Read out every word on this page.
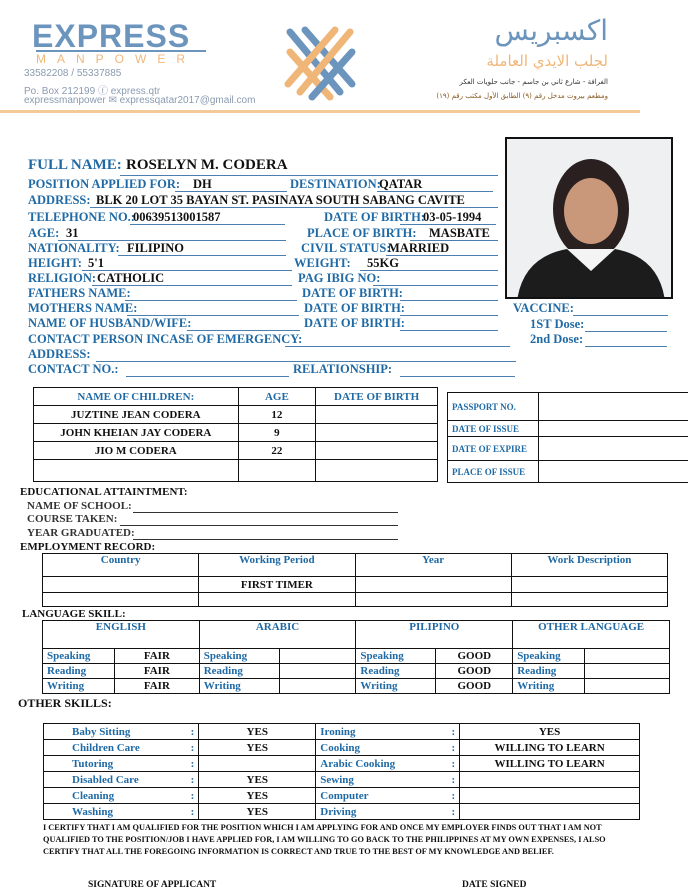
EXPRESS
MANPOWER
33582208 / 55337885
Po. Box 212199 ⓕ express.qtr
expressmanpower ✉ expressqatar2017@gmail.com
اكسبريس
لجلب الايدي العاملة
الغرافة - شارع ثاني بن جاسم - جانب حلويات العكر
ومطعم بيروت مدخل رقم (٩) الطابق الأول مكتب رقم (١٩)
FULL NAME: ROSELYN M. CODERA
POSITION APPLIED FOR: DH	DESTINATION:
QATAR
ADDRESS: BLK 20 LOT 35 BAYAN ST. PASINAYA SOUTH SABANG CAVITE
TELEPHONE NO.:
00639513001587	DATE OF BIRTH:
03-05-1994
AGE: 31	PLACE OF BIRTH: MASBATE
NATIONALITY: FILIPINO	CIVIL STATUS:
MARRIED
HEIGHT: 5'1	WEIGHT: 55KG
RELIGION: CATHOLIC	PAG IBIG NO:
FATHERS NAME:	DATE OF BIRTH:
MOTHERS NAME:	DATE OF BIRTH:
NAME OF HUSBAND/WIFE:	DATE OF BIRTH:
CONTACT PERSON INCASE OF EMERGENCY:
ADDRESS:
CONTACT NO.:	RELATIONSHIP:
VACCINE:
1ST Dose:
2nd Dose:
EDUCATIONAL ATTAINTMENT:
NAME OF SCHOOL:
COURSE TAKEN:
YEAR GRADUATED:
EMPLOYMENT RECORD:
LANGUAGE SKILL:
OTHER SKILLS:
I CERTIFY THAT I AM QUALIFIED FOR THE POSITION WHICH I AM APPLYING FOR AND ONCE MY EMPLOYER FINDS OUT THAT I AM NOT QUALIFIED TO THE POSITION/JOB I HAVE APPLIED FOR, I AM WILLING TO GO BACK TO THE PHILIPPINES AT MY OWN EXPENSES, I ALSO CERTIFY THAT ALL THE FOREGOING INFORMATION IS CORRECT AND TRUE TO THE BEST OF MY KNOWLEDGE AND BELIEF.
SIGNATURE OF APPLICANT	DATE SIGNED
NAME OF CHILDREN:	AGE	DATE OF BIRTH
JUZTINE JEAN CODERA	12	
JOHN KHEIAN JAY CODERA	9	
JIO M CODERA	22	

PASSPORT NO.	
DATE OF ISSUE	
DATE OF EXPIRE	
PLACE OF ISSUE	
Country	Working Period	Year	Work Description
	FIRST TIMER		

ENGLISH		ARABIC		PILIPINO		OTHER LANGUAGE	
Speaking	FAIR	Speaking		Speaking	GOOD	Speaking	
Reading	FAIR	Reading		Reading	GOOD	Reading	
Writing	FAIR	Writing		Writing	GOOD	Writing	
Baby Sitting	:	YES	Ironing	:	YES
Children Care	:	YES	Cooking	:	WILLING TO LEARN
Tutoring	:		Arabic Cooking	:	WILLING TO LEARN
Disabled Care	:	YES	Sewing	:	
Cleaning	:	YES	Computer	:	
Washing	:	YES	Driving	:	
